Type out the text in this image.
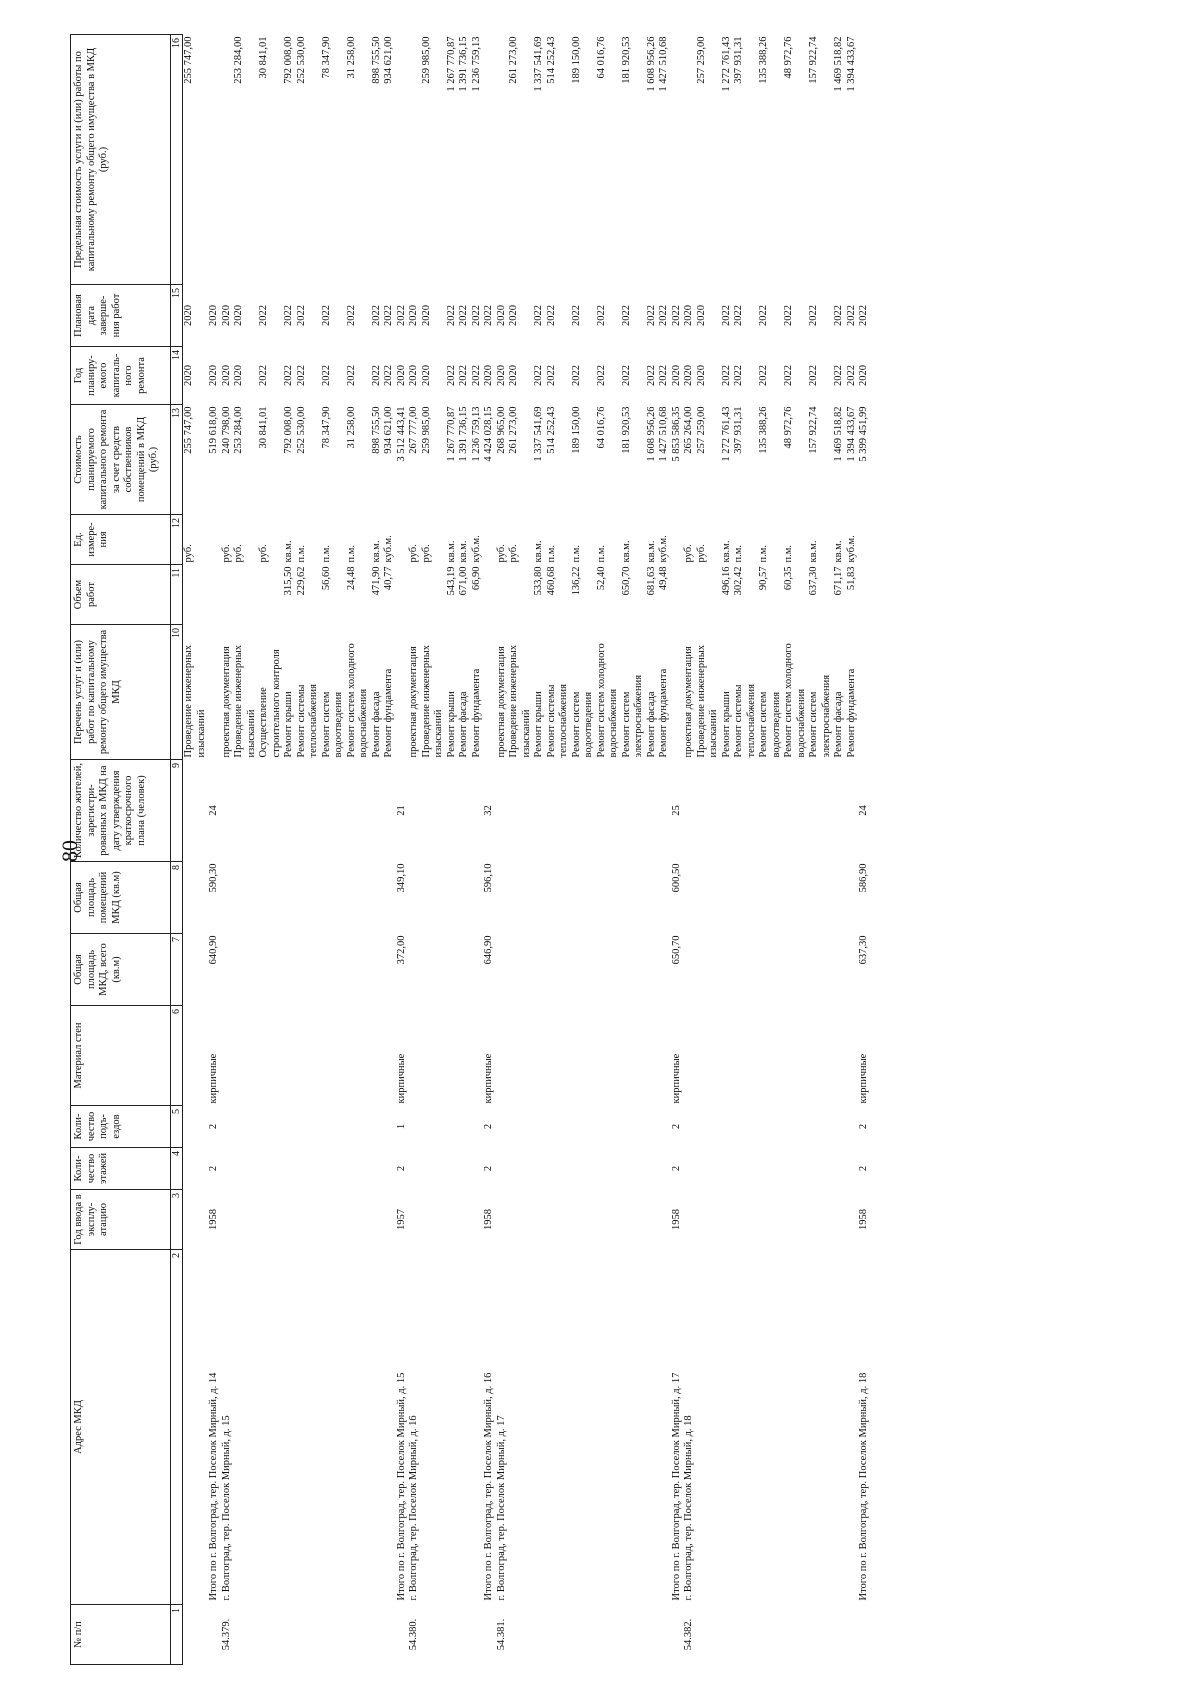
80
№ п/п	Адрес МКД	Год ввода в эксплу- атацию	Коли- чество этажей	Коли- чество подъ- ездов	Материал стен	Общая площадь МКД, всего (кв.м)	Общая площадь помещений МКД (кв.м)	Количество жителей, зарегистри- рованных в МКД на дату утверждения краткосрочного плана (человек)	Перечень услуг и (или) работ по капитальному ремонту общего имущества МКД	Объем работ	Ед. измере- ния	Стоимость планируемого капитального ремонта за счет средств собственников помещений в МКД (руб.)	Год планиру- емого капиталь- ного ремонта	Плановая дата заверше- ния работ	Предельная стоимость услуги и (или) работы по капитальному ремонту общего имущества в МКД (руб.)
1	2	3	4	5	6	7	8	9	10	11	12	13	14	15	16
									Проведение инженерных изысканий		руб.	255 747,00	2020	2020	255 747,00
	Итого по г. Волгоград, тер. Поселок Мирный, д. 14	1958	2	2	кирпичные	640,90	590,30	24				519 618,00	2020	2020	
54.379.	г. Волгоград, тер. Поселок Мирный, д. 15								проектная документация		руб.	240 798,00	2020	2020	
									Проведение инженерных изысканий		руб.	253 284,00	2020	2020	253 284,00
									Осуществление строительного контроля		руб.	30 841,01	2022	2022	30 841,01
									Ремонт крыши	315,50	кв.м.	792 008,00	2022	2022	792 008,00
									Ремонт системы теплоснабжения	229,62	п.м.	252 530,00	2022	2022	252 530,00
									Ремонт систем водоотведения	56,60	п.м.	78 347,90	2022	2022	78 347,90
									Ремонт систем холодного водоснабжения	24,48	п.м.	31 258,00	2022	2022	31 258,00
									Ремонт фасада	471,90	кв.м.	898 755,50	2022	2022	898 755,50
									Ремонт фундамента	40,77	куб.м.	934 621,00	2022	2022	934 621,00
	Итого по г. Волгоград, тер. Поселок Мирный, д. 15	1957	2	1	кирпичные	372,00	349,10	21				3 512 443,41	2020	2022	
54.380.	г. Волгоград, тер. Поселок Мирный, д. 16								проектная документация		руб.	267 777,00	2020	2020	
									Проведение инженерных изысканий		руб.	259 985,00	2020	2020	259 985,00
									Ремонт крыши	543,19	кв.м.	1 267 770,87	2022	2022	1 267 770,87
									Ремонт фасада	671,00	кв.м.	1 391 736,15	2022	2022	1 391 736,15
									Ремонт фундамента	66,90	куб.м.	1 236 759,13	2022	2022	1 236 759,13
	Итого по г. Волгоград, тер. Поселок Мирный, д. 16	1958	2	2	кирпичные	646,90	596,10	32				4 424 028,15	2020	2022	
54.381.	г. Волгоград, тер. Поселок Мирный, д. 17								проектная документация		руб.	268 965,00	2020	2020	
									Проведение инженерных изысканий		руб.	261 273,00	2020	2020	261 273,00
									Ремонт крыши	533,80	кв.м.	1 337 541,69	2022	2022	1 337 541,69
									Ремонт системы теплоснабжения	460,68	п.м.	514 252,43	2022	2022	514 252,43
									Ремонт систем водоотведения	136,22	п.м.	189 150,00	2022	2022	189 150,00
									Ремонт систем холодного водоснабжения	52,40	п.м.	64 016,76	2022	2022	64 016,76
									Ремонт систем электроснабжения	650,70	кв.м.	181 920,53	2022	2022	181 920,53
									Ремонт фасада	681,63	кв.м.	1 608 956,26	2022	2022	1 608 956,26
									Ремонт фундамента	49,48	куб.м.	1 427 510,68	2022	2022	1 427 510,68
	Итого по г. Волгоград, тер. Поселок Мирный, д. 17	1958	2	2	кирпичные	650,70	600,50	25				5 853 586,35	2020	2022	
54.382.	г. Волгоград, тер. Поселок Мирный, д. 18								проектная документация		руб.	265 264,00	2020	2020	
									Проведение инженерных изысканий		руб.	257 259,00	2020	2020	257 259,00
									Ремонт крыши	496,16	кв.м.	1 272 761,43	2022	2022	1 272 761,43
									Ремонт системы теплоснабжения	302,42	п.м.	397 931,31	2022	2022	397 931,31
									Ремонт систем водоотведения	90,57	п.м.	135 388,26	2022	2022	135 388,26
									Ремонт систем холодного водоснабжения	60,35	п.м.	48 972,76	2022	2022	48 972,76
									Ремонт систем электроснабжения	637,30	кв.м.	157 922,74	2022	2022	157 922,74
									Ремонт фасада	671,17	кв.м.	1 469 518,82	2022	2022	1 469 518,82
									Ремонт фундамента	51,83	куб.м.	1 394 433,67	2022	2022	1 394 433,67
	Итого по г. Волгоград, тер. Поселок Мирный, д. 18	1958	2	2	кирпичные	637,30	586,90	24				5 399 451,99	2020	2022	
